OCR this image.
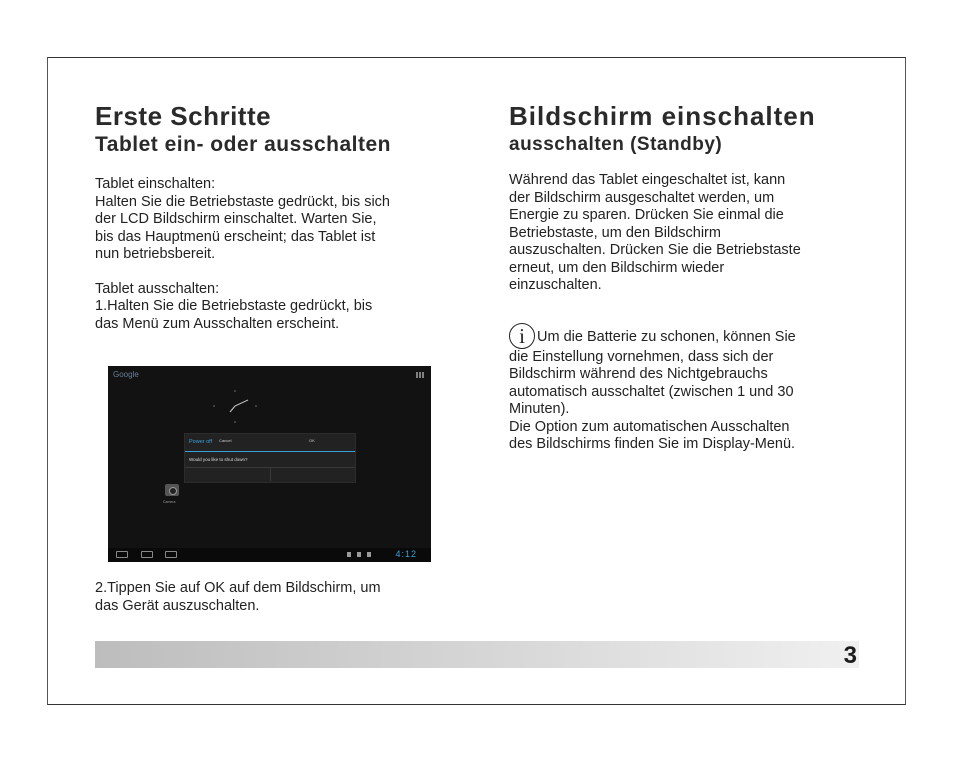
Erste Schritte
Tablet ein- oder ausschalten

Tablet einschalten:

Halten Sie die Betriebstaste gedrückt, bis sich

der LCD Bildschirm einschaltet. Warten Sie,

bis das Hauptmenü erscheint; das Tablet ist

nun betriebsbereit.

Tablet ausschalten:

1.Halten Sie die Betriebstaste gedrückt, bis

das Menü zum Ausschalten erscheint.

Google
Power off
Would you like to shut down?
Cancel	OK
Camera
4:12

2.Tippen Sie auf OK auf dem Bildschirm, um

das Gerät auszuschalten.

Bildschirm einschalten
ausschalten (Standby)

Während das Tablet eingeschaltet ist, kann

der Bildschirm ausgeschaltet werden, um

Energie zu sparen. Drücken Sie einmal die

Betriebstaste, um den Bildschirm

auszuschalten. Drücken Sie die Betriebstaste

erneut, um den Bildschirm wieder

einzuschalten.

i Um die Batterie zu schonen, können Sie

die Einstellung vornehmen, dass sich der

Bildschirm während des Nichtgebrauchs

automatisch ausschaltet (zwischen 1 und 30

Minuten).

Die Option zum automatischen Ausschalten

des Bildschirms finden Sie im Display-Menü.

3
